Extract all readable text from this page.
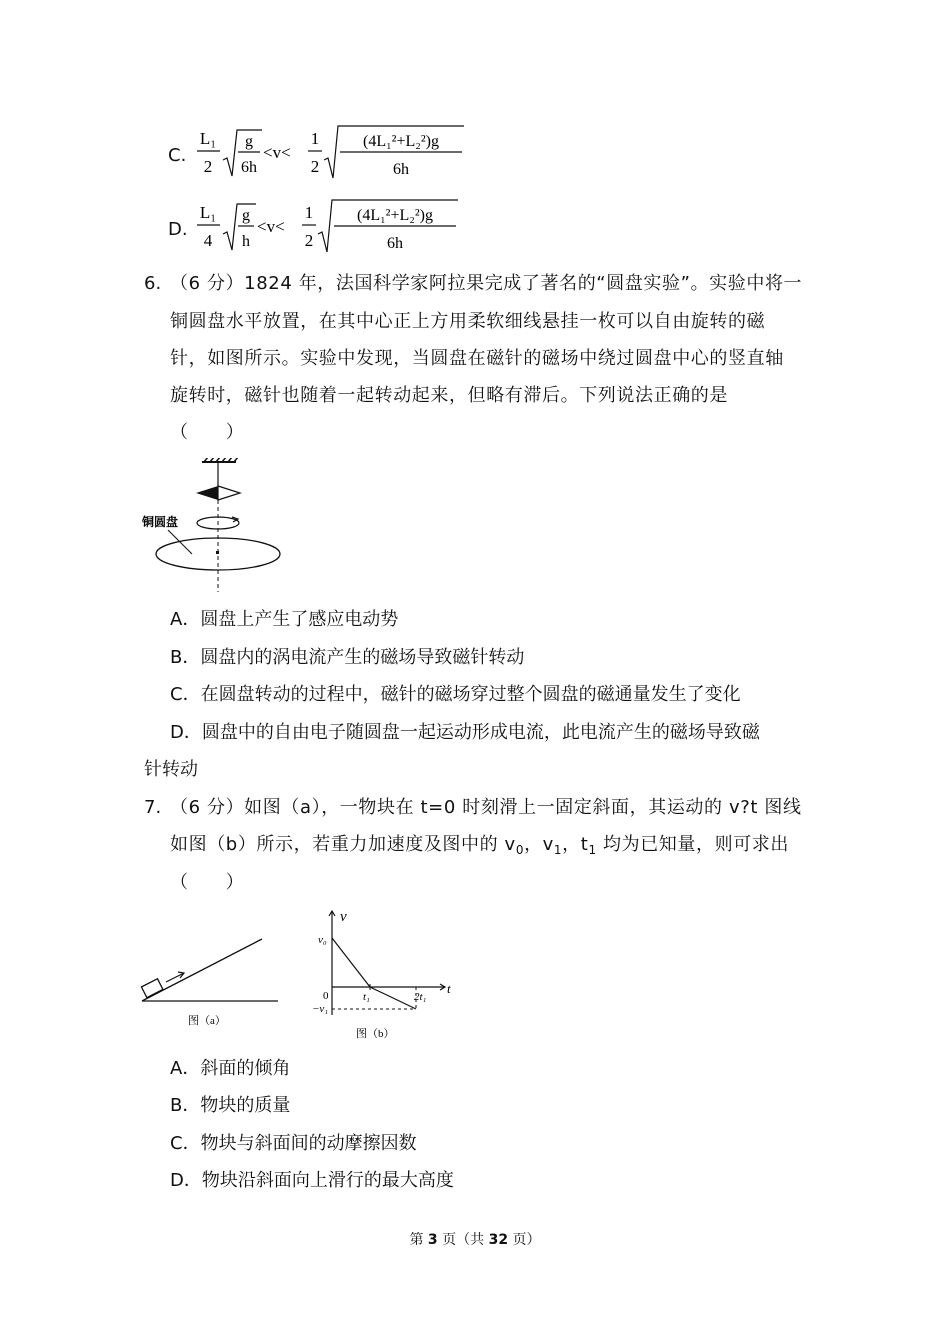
C.
L₁
2
g
6h
<v<
1
2
(4L₁²+L₂²)g
6h
D.
L₁
4
g
h
<v<
1
2
(4L₁²+L₂²)g
6h
6. （6 分）1824 年，法国科学家阿拉果完成了著名的“圆盘实验”。实验中将一
铜圆盘水平放置，在其中心正上方用柔软细线悬挂一枚可以自由旋转的磁
针，如图所示。实验中发现，当圆盘在磁针的磁场中绕过圆盘中心的竖直轴
旋转时，磁针也随着一起转动起来，但略有滞后。下列说法正确的是
（　　）
铜圆盘
A．圆盘上产生了感应电动势
B．圆盘内的涡电流产生的磁场导致磁针转动
C．在圆盘转动的过程中，磁针的磁场穿过整个圆盘的磁通量发生了变化
D．圆盘中的自由电子随圆盘一起运动形成电流，此电流产生的磁场导致磁
针转动
7. （6 分）如图（a），一物块在 t=0 时刻滑上一固定斜面，其运动的 v?t 图线
如图（b）所示，若重力加速度及图中的 $v_0$，$v_1$，$t_1$ 均为已知量，则可求出
（　　）
图（a）
v
t
v₀
0	t₁	2t₁
−v₁
图（b）
A．斜面的倾角
B．物块的质量
C．物块与斜面间的动摩擦因数
D．物块沿斜面向上滑行的最大高度
第 3 页（共 32 页）
